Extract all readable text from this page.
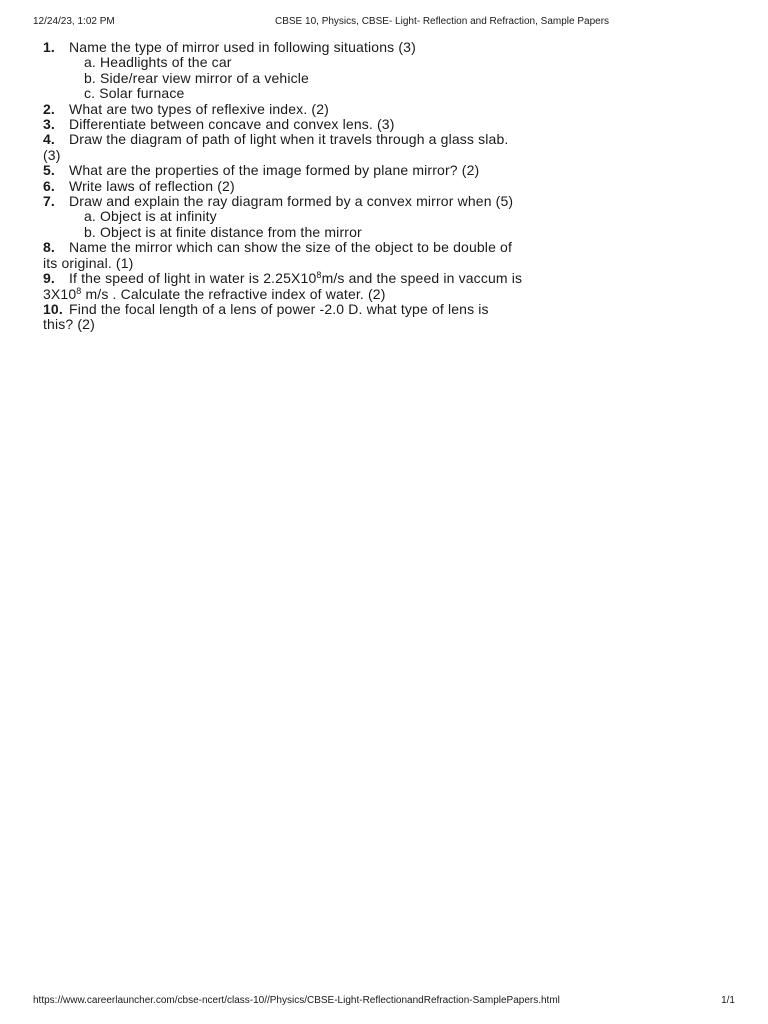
12/24/23, 1:02 PM	CBSE 10, Physics, CBSE- Light- Reflection and Refraction, Sample Papers

1. Name the type of mirror used in following situations (3)

a. Headlights of the car

b. Side/rear view mirror of a vehicle

c. Solar furnace

2. What are two types of reflexive index. (2)

3. Differentiate between concave and convex lens. (3)

4. Draw the diagram of path of light when it travels through a glass slab. (3)

5. What are the properties of the image formed by plane mirror? (2)

6. Write laws of reflection (2)

7. Draw and explain the ray diagram formed by a convex mirror when (5)

a. Object is at infinity

b. Object is at finite distance from the mirror

8. Name the mirror which can show the size of the object to be double of its original. (1)

9. If the speed of light in water is $2.25X10^8m/s$ and the speed in vaccum is $3X10^8$ m/s . Calculate the refractive index of water. (2)

10. Find the focal length of a lens of power -2.0 D. what type of lens is this? (2)

https://www.careerlauncher.com/cbse-ncert/class-10//Physics/CBSE-Light-ReflectionandRefraction-SamplePapers.html	1/1
